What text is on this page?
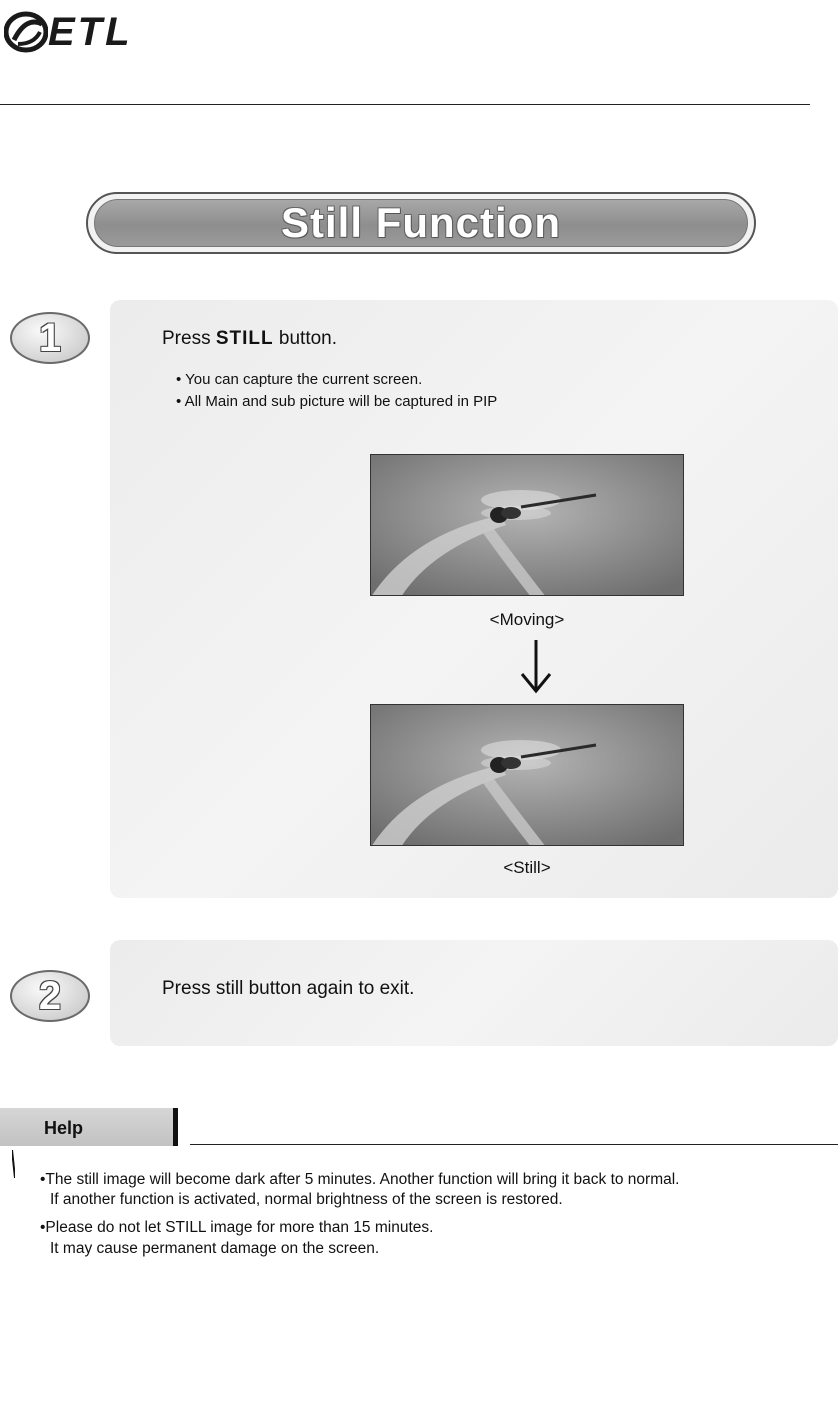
ETL
Still Function
1	Press STILL button.
• You can capture the current screen.
• All Main and sub picture will be captured in PIP
<Moving>
<Still>
2	Press still button again to exit.
Help
•The still image will become dark after 5 minutes. Another function will bring it back to normal.
If another function is activated, normal brightness of the screen is restored.
•Please do not let STILL image for more than 15 minutes.
It may cause permanent damage on the screen.
